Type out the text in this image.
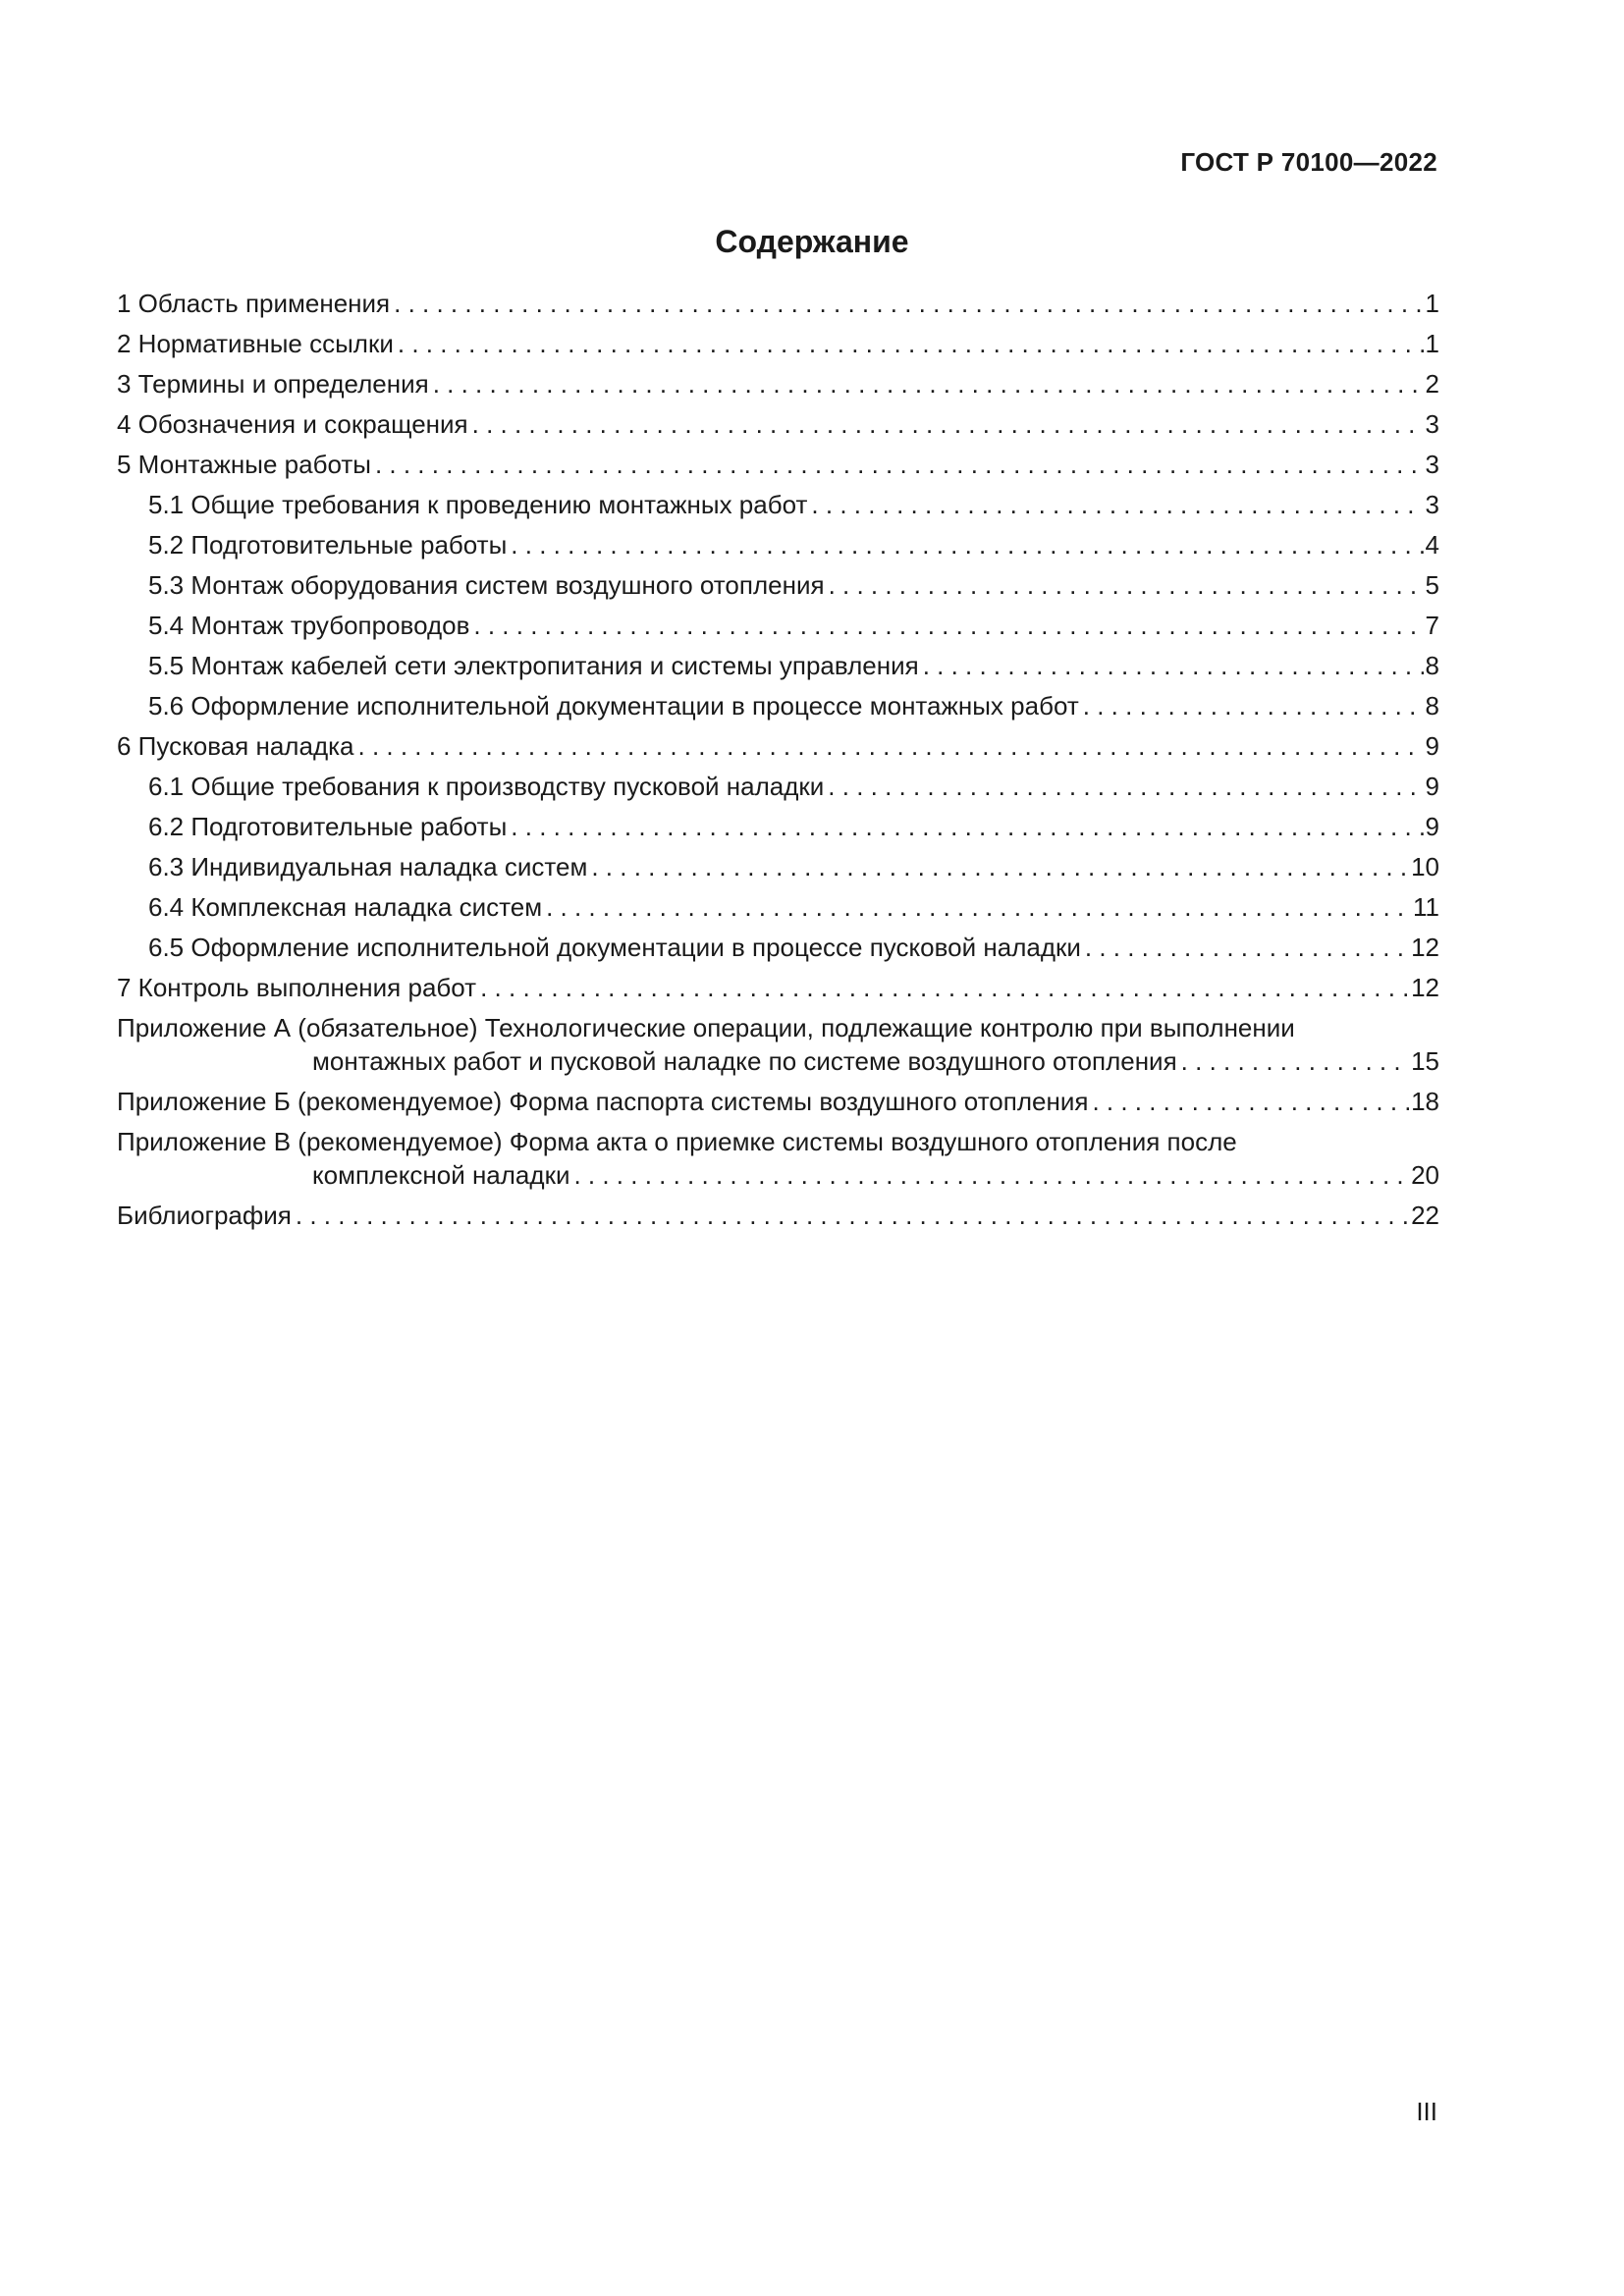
ГОСТ Р 70100—2022
Содержание
1 Область применения . . .	1
2 Нормативные ссылки . . .	1
3 Термины и определения . . .	2
4 Обозначения и сокращения . . .	3
5 Монтажные работы . . .	3
5.1 Общие требования к проведению монтажных работ . . .	3
5.2 Подготовительные работы . . .	4
5.3 Монтаж оборудования систем воздушного отопления . . .	5
5.4 Монтаж трубопроводов . . .	7
5.5 Монтаж кабелей сети электропитания и системы управления . . .	8
5.6 Оформление исполнительной документации в процессе монтажных работ . . .	8
6 Пусковая наладка . . .	9
6.1 Общие требования к производству пусковой наладки . . .	9
6.2 Подготовительные работы . . .	9
6.3 Индивидуальная наладка систем . . .	10
6.4 Комплексная наладка систем . . .	11
6.5 Оформление исполнительной документации в процессе пусковой наладки . . .	12
7 Контроль выполнения работ . . .	12
Приложение А (обязательное) Технологические операции, подлежащие контролю при выполнении
монтажных работ и пусковой наладке по системе воздушного отопления . . .	15
Приложение Б (рекомендуемое) Форма паспорта системы воздушного отопления . . .	18
Приложение В (рекомендуемое) Форма акта о приемке системы воздушного отопления после
комплексной наладки . . .	20
Библиография . . .	22
III
